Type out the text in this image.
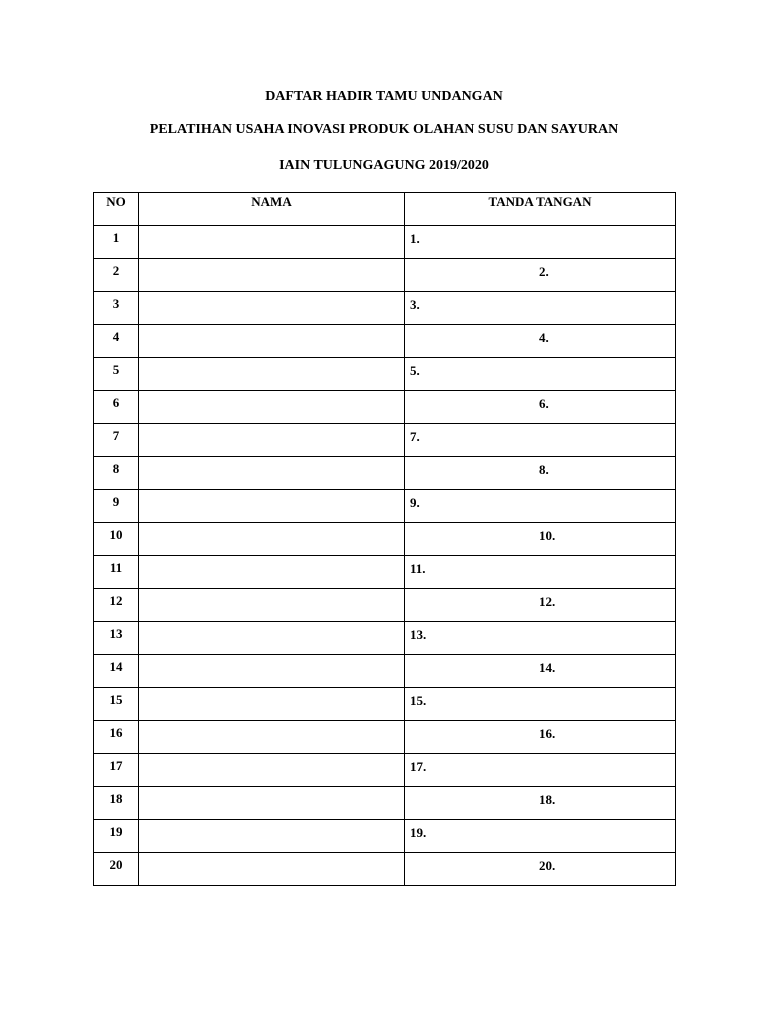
DAFTAR HADIR TAMU UNDANGAN
PELATIHAN USAHA INOVASI PRODUK OLAHAN SUSU DAN SAYURAN
IAIN TULUNGAGUNG 2019/2020
NO	NAMA	TANDA TANGAN
1		1.

2		2.

3		3.

4		4.

5		5.

6		6.

7		7.

8		8.

9		9.

10		10.

11		11.

12		12.

13		13.

14		14.

15		15.

16		16.

17		17.

18		18.

19		19.

20		20.
